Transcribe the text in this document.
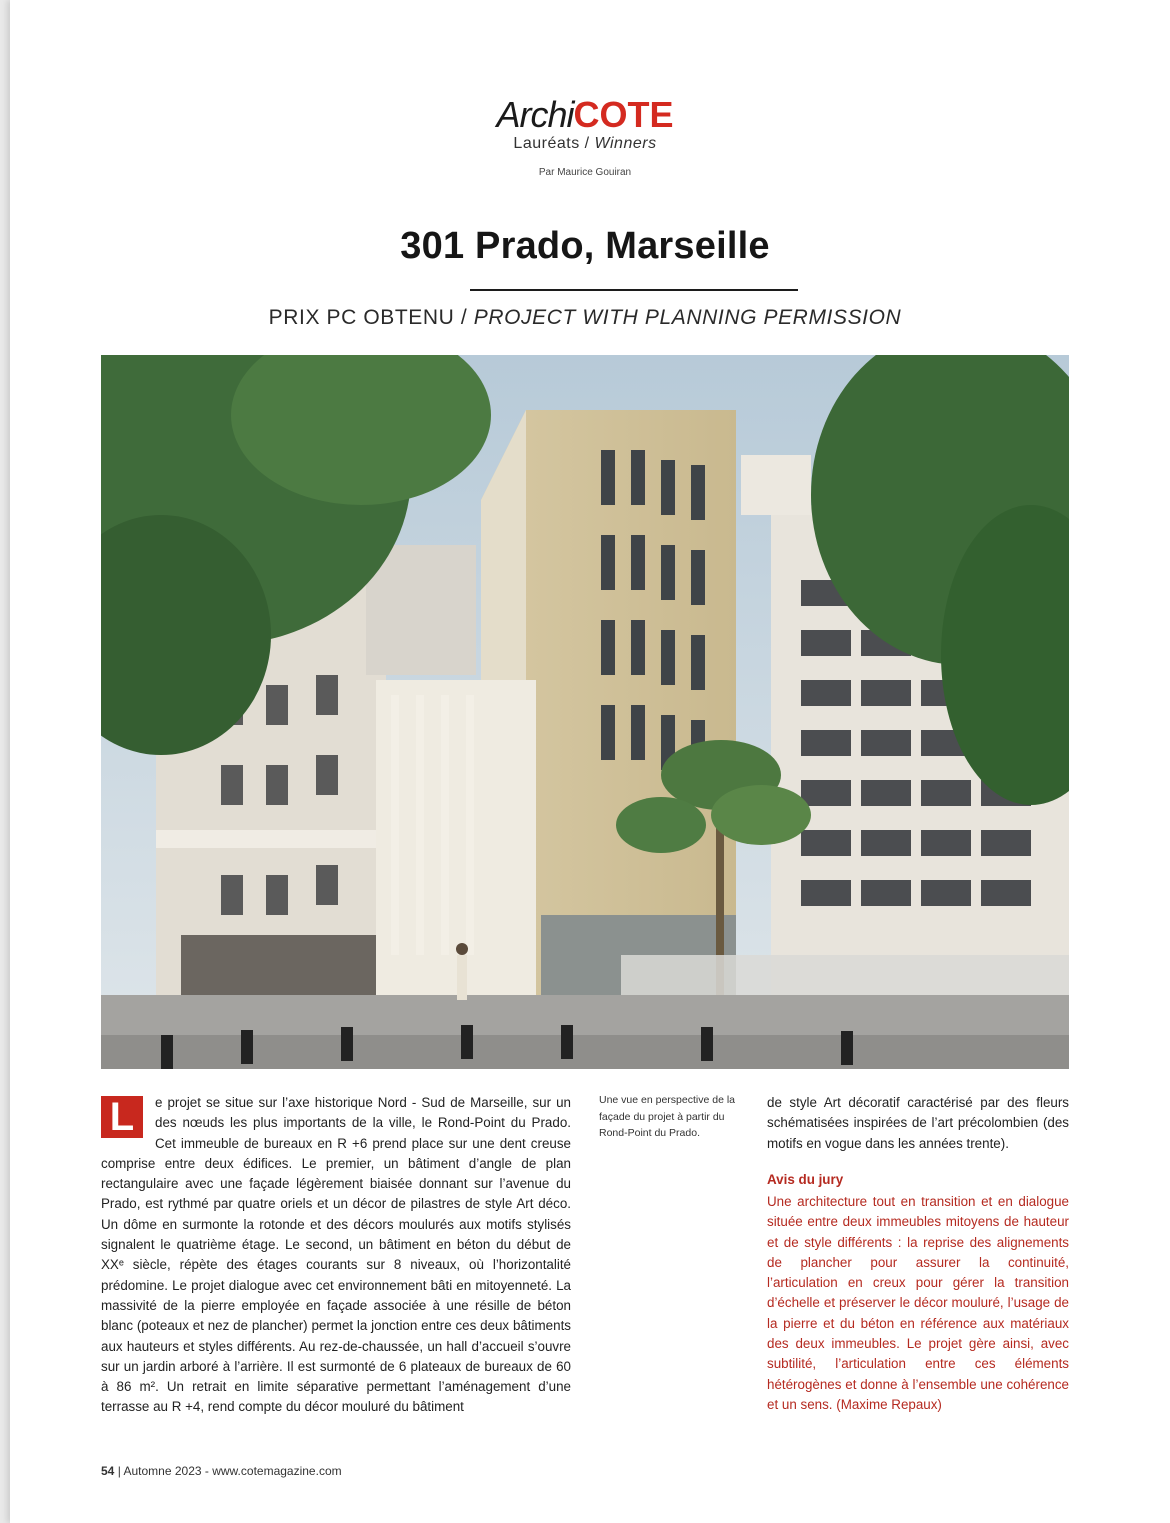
ArchiCOTE
Lauréats / Winners
Par Maurice Gouiran
301 Prado, Marseille
PRIX PC OBTENU / PROJECT WITH PLANNING PERMISSION
L	e projet se situe sur l’axe historique Nord - Sud de Marseille, sur un des nœuds les plus importants de la ville, le Rond-Point du Prado. Cet immeuble de bureaux en R +6 prend place sur une dent creuse comprise entre deux édifices. Le premier, un bâtiment d’angle de plan rectangulaire avec une façade légèrement biaisée donnant sur l’avenue du Prado, est rythmé par quatre oriels et un décor de pilastres de style Art déco. Un dôme en surmonte la rotonde et des décors moulurés aux motifs stylisés signalent le quatrième étage. Le second, un bâtiment en béton du début de XXᵉ siècle, répète des étages courants sur 8 niveaux, où l’horizontalité prédomine. Le projet dialogue avec cet environnement bâti en mitoyenneté. La massivité de la pierre employée en façade associée à une résille de béton blanc (poteaux et nez de plancher) permet la jonction entre ces deux bâtiments aux hauteurs et styles différents. Au rez-de-chaussée, un hall d’accueil s’ouvre sur un jardin arboré à l’arrière. Il est surmonté de 6 plateaux de bureaux de 60 à 86 m². Un retrait en limite séparative permettant l’aménagement d’une terrasse au R +4, rend compte du décor mouluré du bâtiment
Une vue en perspective de la façade du projet à partir du Rond-Point du Prado.
de style Art décoratif caractérisé par des fleurs schématisées inspirées de l’art précolombien (des motifs en vogue dans les années trente).
Avis du jury
Une architecture tout en transition et en dialogue située entre deux immeubles mitoyens de hauteur et de style différents : la reprise des alignements de plancher pour assurer la continuité, l’articulation en creux pour gérer la transition d’échelle et préserver le décor mouluré, l’usage de la pierre et du béton en référence aux matériaux des deux immeubles. Le projet gère ainsi, avec subtilité, l’articulation entre ces éléments hétérogènes et donne à l’ensemble une cohérence et un sens. (Maxime Repaux)
54 | Automne 2023 - www.cotemagazine.com
